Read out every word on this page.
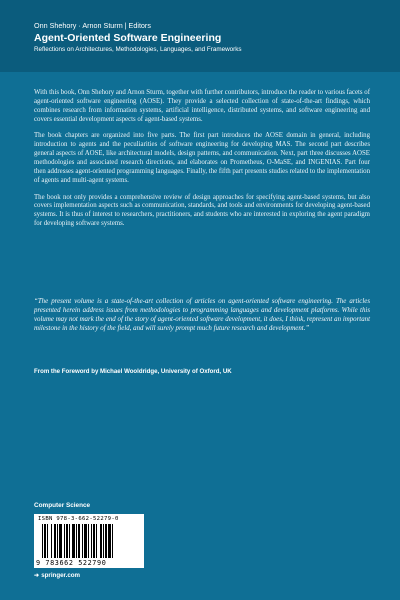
Onn Shehory · Arnon Sturm | Editors
Agent-Oriented Software Engineering
Reflections on Architectures, Methodologies, Languages, and Frameworks

With this book, Onn Shehory and Arnon Sturm, together with further contributors, introduce the reader to various facets of agent-oriented software engineering (AOSE). They provide a selected collection of state-of-the-art findings, which combines research from information systems, artificial intelligence, distributed systems, and software engineering and covers essential development aspects of agent-based systems.

The book chapters are organized into five parts. The first part introduces the AOSE domain in general, including introduction to agents and the peculiarities of software engineering for developing MAS. The second part describes general aspects of AOSE, like architectural models, design patterns, and communication. Next, part three discusses AOSE methodologies and associated research directions, and elaborates on Prometheus, O-MaSE, and INGENIAS. Part four then addresses agent-oriented programming languages. Finally, the fifth part presents studies related to the implementation of agents and multi-agent systems.

The book not only provides a comprehensive review of design approaches for specifying agent-based systems, but also covers implementation aspects such as communication, standards, and tools and environments for developing agent-based systems. It is thus of interest to researchers, practitioners, and students who are interested in exploring the agent paradigm for developing software systems.

“The present volume is a state-of-the-art collection of articles on agent-oriented software engineering. The articles presented herein address issues from methodologies to programming languages and development platforms. While this volume may not mark the end of the story of agent-oriented software development, it does, I think, represent an important milestone in the history of the field, and will surely prompt much future research and development.”
From the Foreword by Michael Wooldridge, University of Oxford, UK
Computer Science
ISBN 978-3-662-52279-0
9 783662 522790
➜ springer.com
